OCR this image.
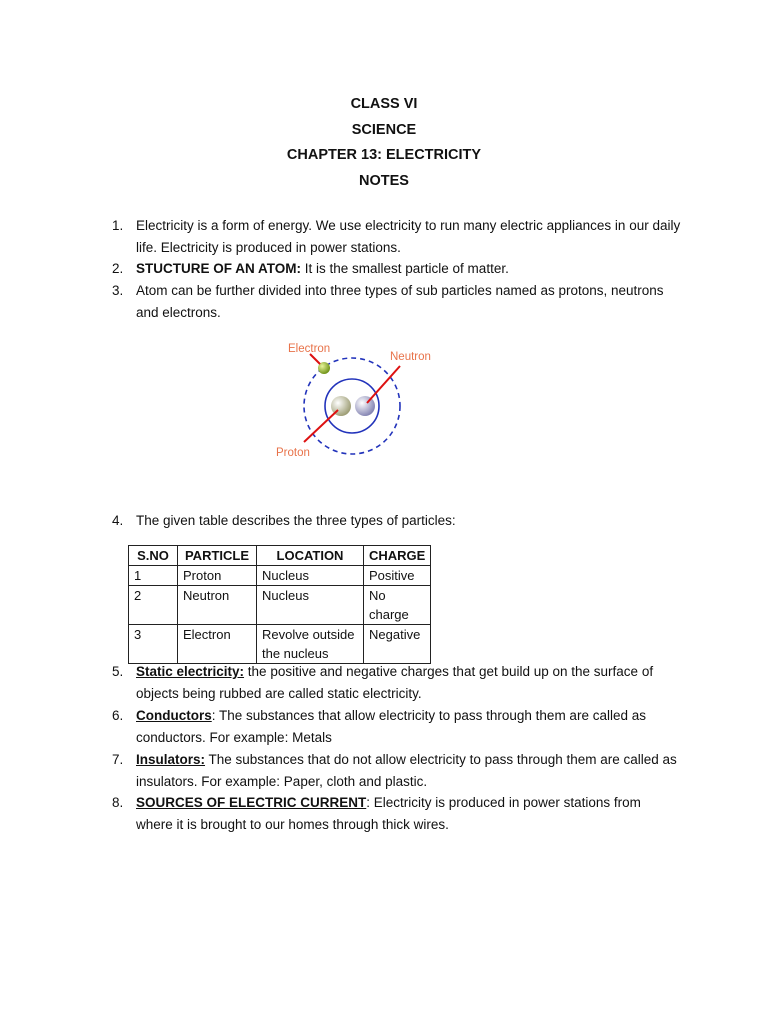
CLASS VI
SCIENCE
CHAPTER 13: ELECTRICITY
NOTES
1. Electricity is a form of energy. We use electricity to run many electric appliances in our daily life. Electricity is produced in power stations.
2. STUCTURE OF AN ATOM: It is the smallest particle of matter.
3. Atom can be further divided into three types of sub particles named as protons, neutrons and electrons.
Electron
Neutron
Proton
4. The given table describes the three types of particles:
S.NO	PARTICLE	LOCATION	CHARGE
1	Proton	Nucleus	Positive
2	Neutron	Nucleus	No charge
3	Electron	Revolve outside the nucleus	Negative
5. Static electricity: the positive and negative charges that get build up on the surface of objects being rubbed are called static electricity.
6. Conductors: The substances that allow electricity to pass through them are called as conductors. For example: Metals
7. Insulators: The substances that do not allow electricity to pass through them are called as insulators. For example: Paper, cloth and plastic.
8. SOURCES OF ELECTRIC CURRENT: Electricity is produced in power stations from where it is brought to our homes through thick wires.
